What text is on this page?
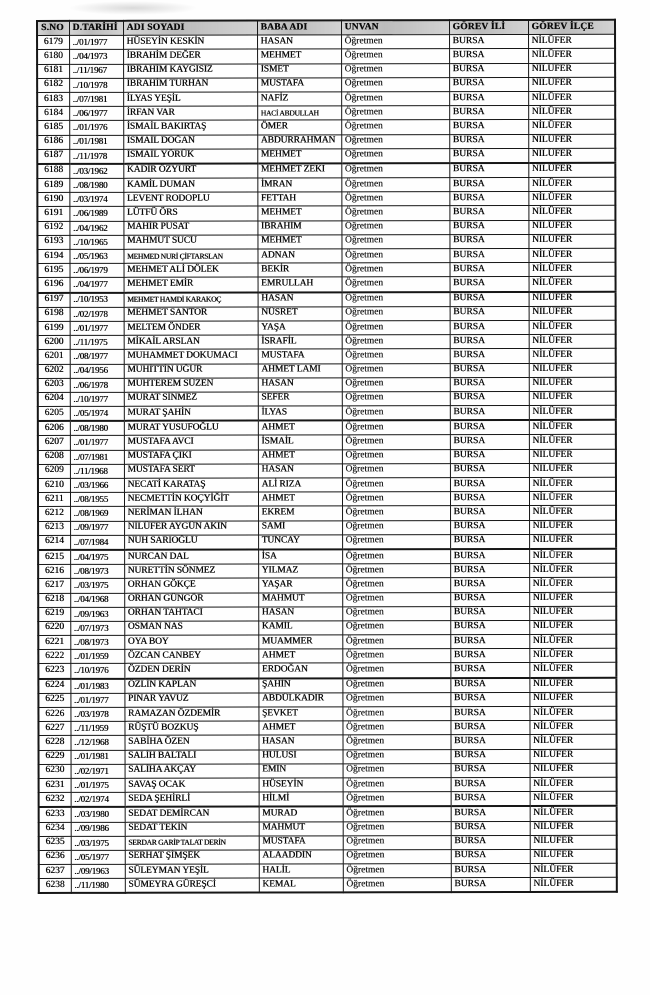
S.NO	D.TARİHİ	ADI SOYADI	BABA ADI	UNVAN	GÖREV İLİ	GÖREV İLÇE
6179	../01/1977	HÜSEYİN KESKİN	HASAN	Öğretmen	BURSA	NİLÜFER
6180	../04/1973	İBRAHİM DEĞER	MEHMET	Öğretmen	BURSA	NİLÜFER
6181	../11/1967	İBRAHİM KAYGISIZ	İSMET	Öğretmen	BURSA	NİLÜFER
6182	../10/1978	İBRAHİM TURHAN	MUSTAFA	Öğretmen	BURSA	NİLÜFER
6183	../07/1981	İLYAS YEŞİL	NAFİZ	Öğretmen	BURSA	NİLÜFER
6184	../06/1977	İRFAN VAR	HACİ ABDULLAH	Öğretmen	BURSA	NİLÜFER
6185	../01/1976	İSMAİL BAKIRTAŞ	ÖMER	Öğretmen	BURSA	NİLÜFER
6186	../01/1981	İSMAİL DOĞAN	ABDURRAHMAN	Öğretmen	BURSA	NİLÜFER
6187	../11/1978	İSMAİL YÖRÜK	MEHMET	Öğretmen	BURSA	NİLÜFER
6188	../03/1962	KADİR ÖZYURT	MEHMET ZEKİ	Öğretmen	BURSA	NİLÜFER
6189	../08/1980	KAMİL DUMAN	İMRAN	Öğretmen	BURSA	NİLÜFER
6190	../03/1974	LEVENT RODOPLU	FETTAH	Öğretmen	BURSA	NİLÜFER
6191	../06/1989	LÜTFÜ ÖRS	MEHMET	Öğretmen	BURSA	NİLÜFER
6192	../04/1962	MAHİR PUSAT	İBRAHİM	Öğretmen	BURSA	NİLÜFER
6193	../10/1965	MAHMUT SUCU	MEHMET	Öğretmen	BURSA	NİLÜFER
6194	../05/1963	MEHMED NURİ ÇİFTARSLAN	ADNAN	Öğretmen	BURSA	NİLÜFER
6195	../06/1979	MEHMET ALİ DÖLEK	BEKİR	Öğretmen	BURSA	NİLÜFER
6196	../04/1977	MEHMET EMİR	EMRULLAH	Öğretmen	BURSA	NİLÜFER
6197	../10/1953	MEHMET HAMDİ KARAKOÇ	HASAN	Öğretmen	BURSA	NİLÜFER
6198	../02/1978	MEHMET SANTOR	NÜSRET	Öğretmen	BURSA	NİLÜFER
6199	../01/1977	MELTEM ÖNDER	YAŞA	Öğretmen	BURSA	NİLÜFER
6200	../11/1975	MİKAİL ARSLAN	İSRAFİL	Öğretmen	BURSA	NİLÜFER
6201	../08/1977	MUHAMMET DOKUMACI	MUSTAFA	Öğretmen	BURSA	NİLÜFER
6202	../04/1956	MUHİTTİN UĞUR	AHMET LAMİ	Öğretmen	BURSA	NİLÜFER
6203	../06/1978	MUHTEREM SÜZEN	HASAN	Öğretmen	BURSA	NİLÜFER
6204	../10/1977	MURAT SİNMEZ	SEFER	Öğretmen	BURSA	NİLÜFER
6205	../05/1974	MURAT ŞAHİN	İLYAS	Öğretmen	BURSA	NİLÜFER
6206	../08/1980	MURAT YUSUFOĞLU	AHMET	Öğretmen	BURSA	NİLÜFER
6207	../01/1977	MUSTAFA AVCI	İSMAİL	Öğretmen	BURSA	NİLÜFER
6208	../07/1981	MUSTAFA ÇIKI	AHMET	Öğretmen	BURSA	NİLÜFER
6209	../11/1968	MUSTAFA SERT	HASAN	Öğretmen	BURSA	NİLÜFER
6210	../03/1966	NECATİ KARATAŞ	ALİ RIZA	Öğretmen	BURSA	NİLÜFER
6211	../08/1955	NECMETTİN KOÇYİĞİT	AHMET	Öğretmen	BURSA	NİLÜFER
6212	../08/1969	NERİMAN İLHAN	EKREM	Öğretmen	BURSA	NİLÜFER
6213	../09/1977	NİLÜFER AYGÜN AKIN	SAMİ	Öğretmen	BURSA	NİLÜFER
6214	../07/1984	NUH SARIOĞLU	TUNCAY	Öğretmen	BURSA	NİLÜFER
6215	../04/1975	NURCAN DAL	İSA	Öğretmen	BURSA	NİLÜFER
6216	../08/1973	NURETTİN SÖNMEZ	YILMAZ	Öğretmen	BURSA	NİLÜFER
6217	../03/1975	ORHAN GÖKÇE	YAŞAR	Öğretmen	BURSA	NİLÜFER
6218	../04/1968	ORHAN GÜNGÖR	MAHMUT	Öğretmen	BURSA	NİLÜFER
6219	../09/1963	ORHAN TAHTACI	HASAN	Öğretmen	BURSA	NİLÜFER
6220	../07/1973	OSMAN NAS	KAMİL	Öğretmen	BURSA	NİLÜFER
6221	../08/1973	OYA BOY	MUAMMER	Öğretmen	BURSA	NİLÜFER
6222	../01/1959	ÖZCAN CANBEY	AHMET	Öğretmen	BURSA	NİLÜFER
6223	../10/1976	ÖZDEN DERİN	ERDOĞAN	Öğretmen	BURSA	NİLÜFER
6224	../01/1983	ÖZLİN KAPLAN	ŞAHİN	Öğretmen	BURSA	NİLÜFER
6225	../01/1977	PINAR YAVUZ	ABDÜLKADİR	Öğretmen	BURSA	NİLÜFER
6226	../03/1978	RAMAZAN ÖZDEMİR	ŞEVKET	Öğretmen	BURSA	NİLÜFER
6227	../11/1959	RÜŞTÜ BOZKUŞ	AHMET	Öğretmen	BURSA	NİLÜFER
6228	../12/1968	SABİHA ÖZEN	HASAN	Öğretmen	BURSA	NİLÜFER
6229	../01/1981	SALİH BALTALI	HULUSİ	Öğretmen	BURSA	NİLÜFER
6230	../02/1971	SALİHA AKÇAY	EMİN	Öğretmen	BURSA	NİLÜFER
6231	../01/1975	SAVAŞ OCAK	HÜSEYİN	Öğretmen	BURSA	NİLÜFER
6232	../02/1974	SEDA ŞEHİRLİ	HİLMİ	Öğretmen	BURSA	NİLÜFER
6233	../03/1980	SEDAT DEMİRCAN	MURAD	Öğretmen	BURSA	NİLÜFER
6234	../09/1986	SEDAT TEKİN	MAHMUT	Öğretmen	BURSA	NİLÜFER
6235	../03/1975	SERDAR GARİP TALAT DERİN	MUSTAFA	Öğretmen	BURSA	NİLÜFER
6236	../05/1977	SERHAT ŞİMŞEK	ALAADDİN	Öğretmen	BURSA	NİLÜFER
6237	../09/1963	SÜLEYMAN YEŞİL	HALİL	Öğretmen	BURSA	NİLÜFER
6238	../11/1980	SÜMEYRA GÜREŞCİ	KEMAL	Öğretmen	BURSA	NİLÜFER
